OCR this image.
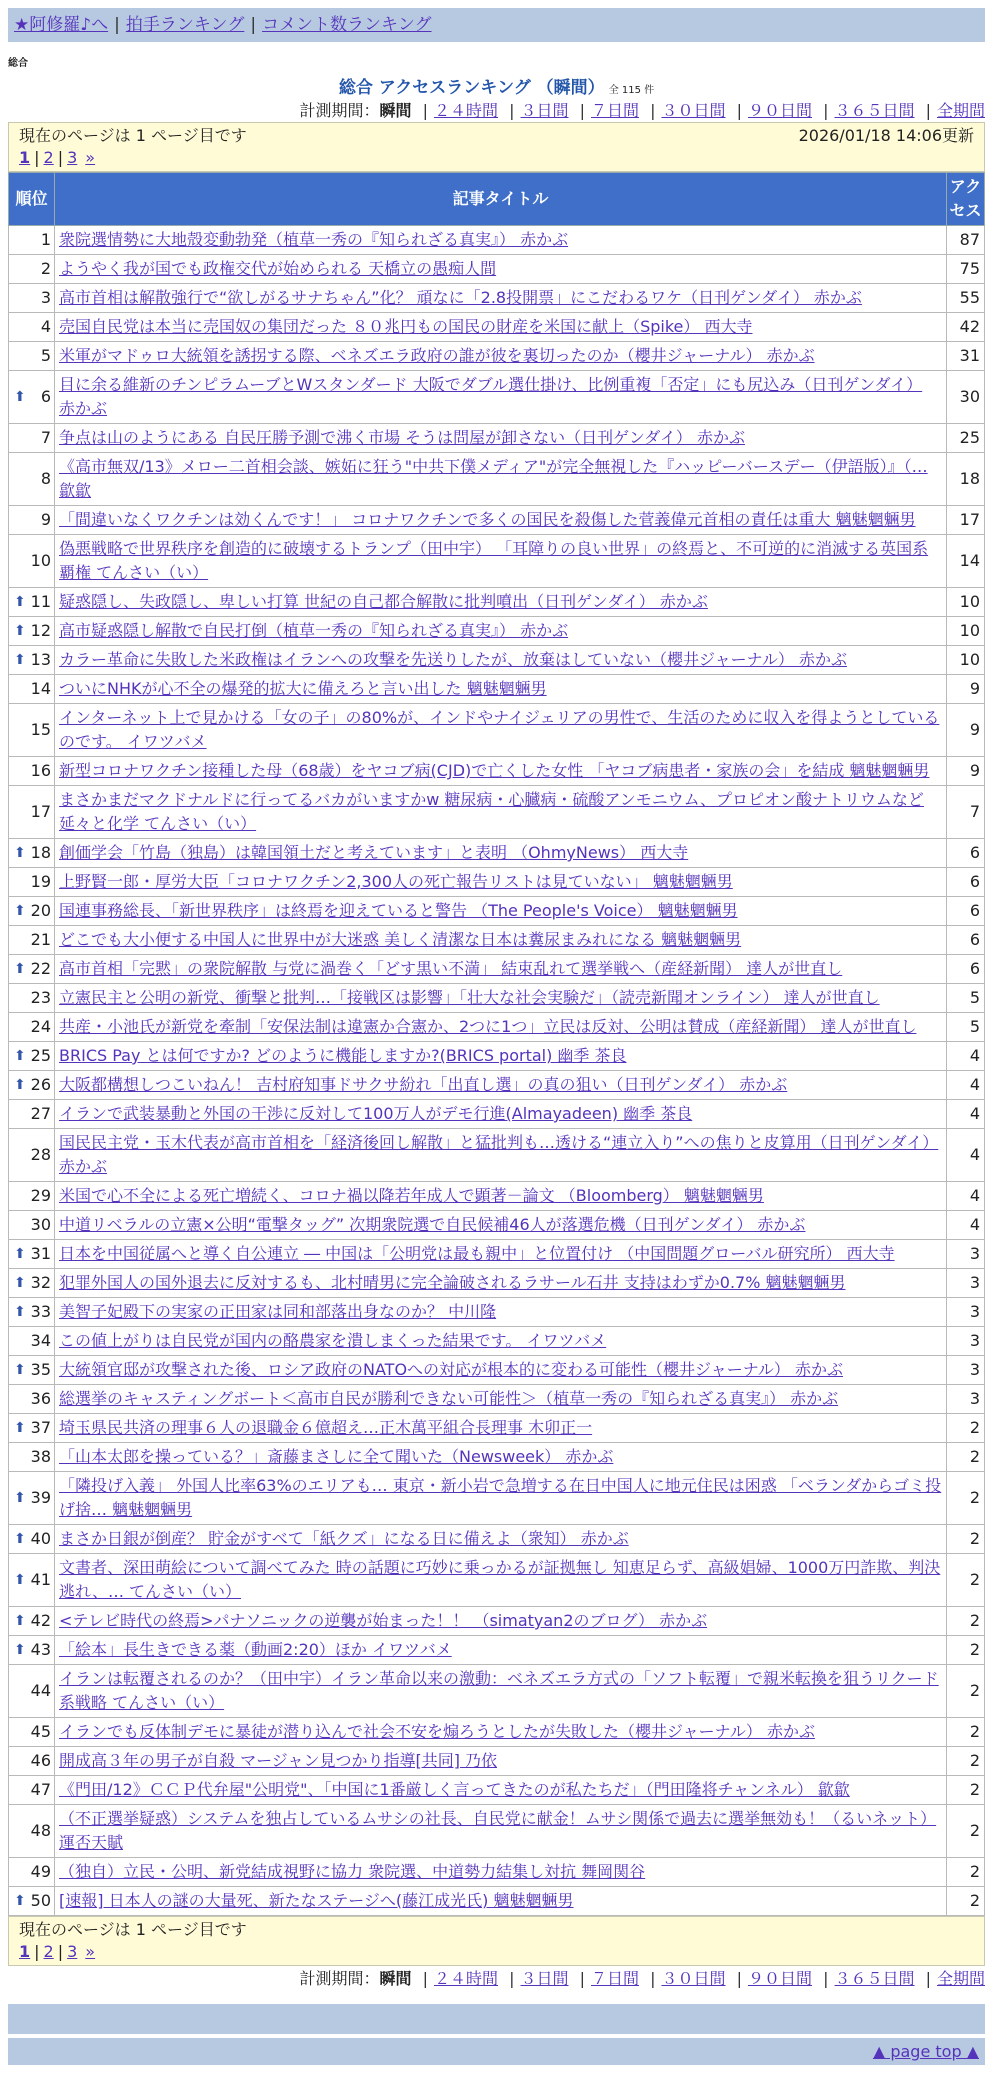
★阿修羅♪へ | 拍手ランキング | コメント数ランキング
総合
総合 アクセスランキング （瞬間） 全 115 件
計測期間：瞬間 | ２４時間 | ３日間 | ７日間 | ３０日間 | ９０日間 | ３６５日間 | 全期間
現在のページは 1 ページ目です	2026/01/18 14:06更新
1 | 2 | 3 »
順位	記事タイトル	アクセス
1	衆院選情勢に大地殻変動勃発（植草一秀の『知られざる真実』） 赤かぶ	87
2	ようやく我が国でも政権交代が始められる 天橋立の愚痴人間	75
3	高市首相は解散強行で“欲しがるサナちゃん”化？ 頑なに「2.8投開票」にこだわるワケ（日刊ゲンダイ） 赤かぶ	55
4	売国自民党は本当に売国奴の集団だった ８０兆円もの国民の財産を米国に献上（Spike） 西大寺	42
5	米軍がマドゥロ大統領を誘拐する際、ベネズエラ政府の誰が彼を裏切ったのか（櫻井ジャーナル） 赤かぶ	31

⬆ 6	目に余る維新のチンピラムーブとWスタンダード 大阪でダブル選仕掛け、比例重複「否定」にも尻込み（日刊ゲンダイ） 赤かぶ	30
7	争点は山のようにある 自民圧勝予測で沸く市場 そうは問屋が卸さない（日刊ゲンダイ） 赤かぶ	25
8	《高市無双/13》メロー二首相会談、嫉妬に狂う"中共下僕メディア"が完全無視した『ハッピーバースデー（伊語版）』（… 歙歙	18
9	「間違いなくワクチンは効くんです！」 コロナワクチンで多くの国民を殺傷した菅義偉元首相の責任は重大 魑魅魍魎男	17
10	偽悪戦略で世界秩序を創造的に破壊するトランプ（田中宇） 「耳障りの良い世界」の終焉と、不可逆的に消滅する英国系覇権 てんさい（い）	14

⬆ 11	疑惑隠し、失政隠し、卑しい打算 世紀の自己都合解散に批判噴出（日刊ゲンダイ） 赤かぶ	10

⬆ 12	高市疑惑隠し解散で自民打倒（植草一秀の『知られざる真実』） 赤かぶ	10

⬆ 13	カラー革命に失敗した米政権はイランへの攻撃を先送りしたが、放棄はしていない（櫻井ジャーナル） 赤かぶ	10
14	ついにNHKが心不全の爆発的拡大に備えろと言い出した 魑魅魍魎男	9
15	インターネット上で見かける「女の子」の80%が、インドやナイジェリアの男性で、生活のために収入を得ようとしているのです。 イワツバメ	9
16	新型コロナワクチン接種した母（68歳）をヤコブ病(CJD)で亡くした女性 「ヤコブ病患者・家族の会」を結成 魑魅魍魎男	9
17	まさかまだマクドナルドに行ってるバカがいますかw 糖尿病・心臓病・硫酸アンモニウム、プロピオン酸ナトリウムなど延々と化学 てんさい（い）	7

⬆ 18	創価学会「竹島（独島）は韓国領土だと考えています」と表明 （OhmyNews） 西大寺	6
19	上野賢一郎・厚労大臣「コロナワクチン2,300人の死亡報告リストは見ていない」 魑魅魍魎男	6

⬆ 20	国連事務総長、「新世界秩序」は終焉を迎えていると警告 （The People's Voice） 魑魅魍魎男	6
21	どこでも大小便する中国人に世界中が大迷惑 美しく清潔な日本は糞尿まみれになる 魑魅魍魎男	6

⬆ 22	高市首相「完黙」の衆院解散 与党に渦巻く「どす黒い不満」 結束乱れて選挙戦へ（産経新聞） 達人が世直し	6
23	立憲民主と公明の新党、衝撃と批判…「接戦区は影響」「壮大な社会実験だ」（読売新聞オンライン） 達人が世直し	5
24	共産・小池氏が新党を牽制「安保法制は違憲か合憲か、2つに1つ」立民は反対、公明は賛成（産経新聞） 達人が世直し	5

⬆ 25	BRICS Pay とは何ですか? どのように機能しますか?(BRICS portal) 幽季 茶良	4

⬆ 26	大阪都構想しつこいねん！ 吉村府知事ドサクサ紛れ「出直し選」の真の狙い（日刊ゲンダイ） 赤かぶ	4
27	イランで武装暴動と外国の干渉に反対して100万人がデモ行進(Almayadeen) 幽季 茶良	4
28	国民民主党・玉木代表が高市首相を「経済後回し解散」と猛批判も…透ける“連立入り”への焦りと皮算用（日刊ゲンダイ） 赤かぶ	4
29	米国で心不全による死亡増続く、コロナ禍以降若年成人で顕著－論文 （Bloomberg） 魑魅魍魎男	4
30	中道リベラルの立憲×公明“電撃タッグ” 次期衆院選で自民候補46人が落選危機（日刊ゲンダイ） 赤かぶ	4

⬆ 31	日本を中国従属へと導く自公連立 ― 中国は「公明党は最も親中」と位置付け （中国問題グローバル研究所） 西大寺	3

⬆ 32	犯罪外国人の国外退去に反対するも、北村晴男に完全論破されるラサール石井 支持はわずか0.7% 魑魅魍魎男	3

⬆ 33	美智子妃殿下の実家の正田家は同和部落出身なのか？ 中川隆	3
34	この値上がりは自民党が国内の酪農家を潰しまくった結果です。 イワツバメ	3

⬆ 35	大統領官邸が攻撃された後、ロシア政府のNATOへの対応が根本的に変わる可能性（櫻井ジャーナル） 赤かぶ	3
36	総選挙のキャスティングボート＜高市自民が勝利できない可能性＞（植草一秀の『知られざる真実』） 赤かぶ	3

⬆ 37	埼玉県民共済の理事６人の退職金６億超え…正木萬平組合長理事 木卯正一	2
38	「山本太郎を操っている？」斎藤まさしに全て聞いた（Newsweek） 赤かぶ	2

⬆ 39	「隣投げ入義」 外国人比率63%のエリアも… 東京・新小岩で急増する在日中国人に地元住民は困惑 「ベランダからゴミ投げ捨… 魑魅魍魎男	2

⬆ 40	まさか日銀が倒産？ 貯金がすべて「紙クズ」になる日に備えよ（衆知） 赤かぶ	2

⬆ 41	文書者、深田萌絵について調べてみた 時の話題に巧妙に乗っかるが証拠無し 知恵足らず、高級娼婦、1000万円詐欺、判決逃れ、… てんさい（い）	2

⬆ 42	<テレビ時代の終焉>パナソニックの逆襲が始まった！！ （simatyan2のブログ） 赤かぶ	2

⬆ 43	「絵本」長生きできる薬（動画2:20）ほか イワツバメ	2
44	イランは転覆されるのか？（田中宇）イラン革命以来の激動：ベネズエラ方式の「ソフト転覆」で親米転換を狙うリクード系戦略 てんさい（い）	2
45	イランでも反体制デモに暴徒が潜り込んで社会不安を煽ろうとしたが失敗した（櫻井ジャーナル） 赤かぶ	2
46	開成高３年の男子が自殺 マージャン見つかり指導[共同] 乃依	2
47	《門田/12》ＣＣＰ代弁屋"公明党"、「中国に1番厳しく言ってきたのが私たちだ」（門田隆将チャンネル） 歙歙	2
48	（不正選挙疑惑）システムを独占しているムサシの社長、自民党に献金！ムサシ関係で過去に選挙無効も！（るいネット） 運否天賦	2
49	（独自）立民・公明、新党結成視野に協力 衆院選、中道勢力結集し対抗 舞岡関谷	2

⬆ 50	[速報] 日本人の謎の大量死、新たなステージへ(藤江成光氏) 魑魅魍魎男	2
現在のページは 1 ページ目です
1 | 2 | 3 »
計測期間：瞬間 | ２４時間 | ３日間 | ７日間 | ３０日間 | ９０日間 | ３６５日間 | 全期間
▲ page top ▲
